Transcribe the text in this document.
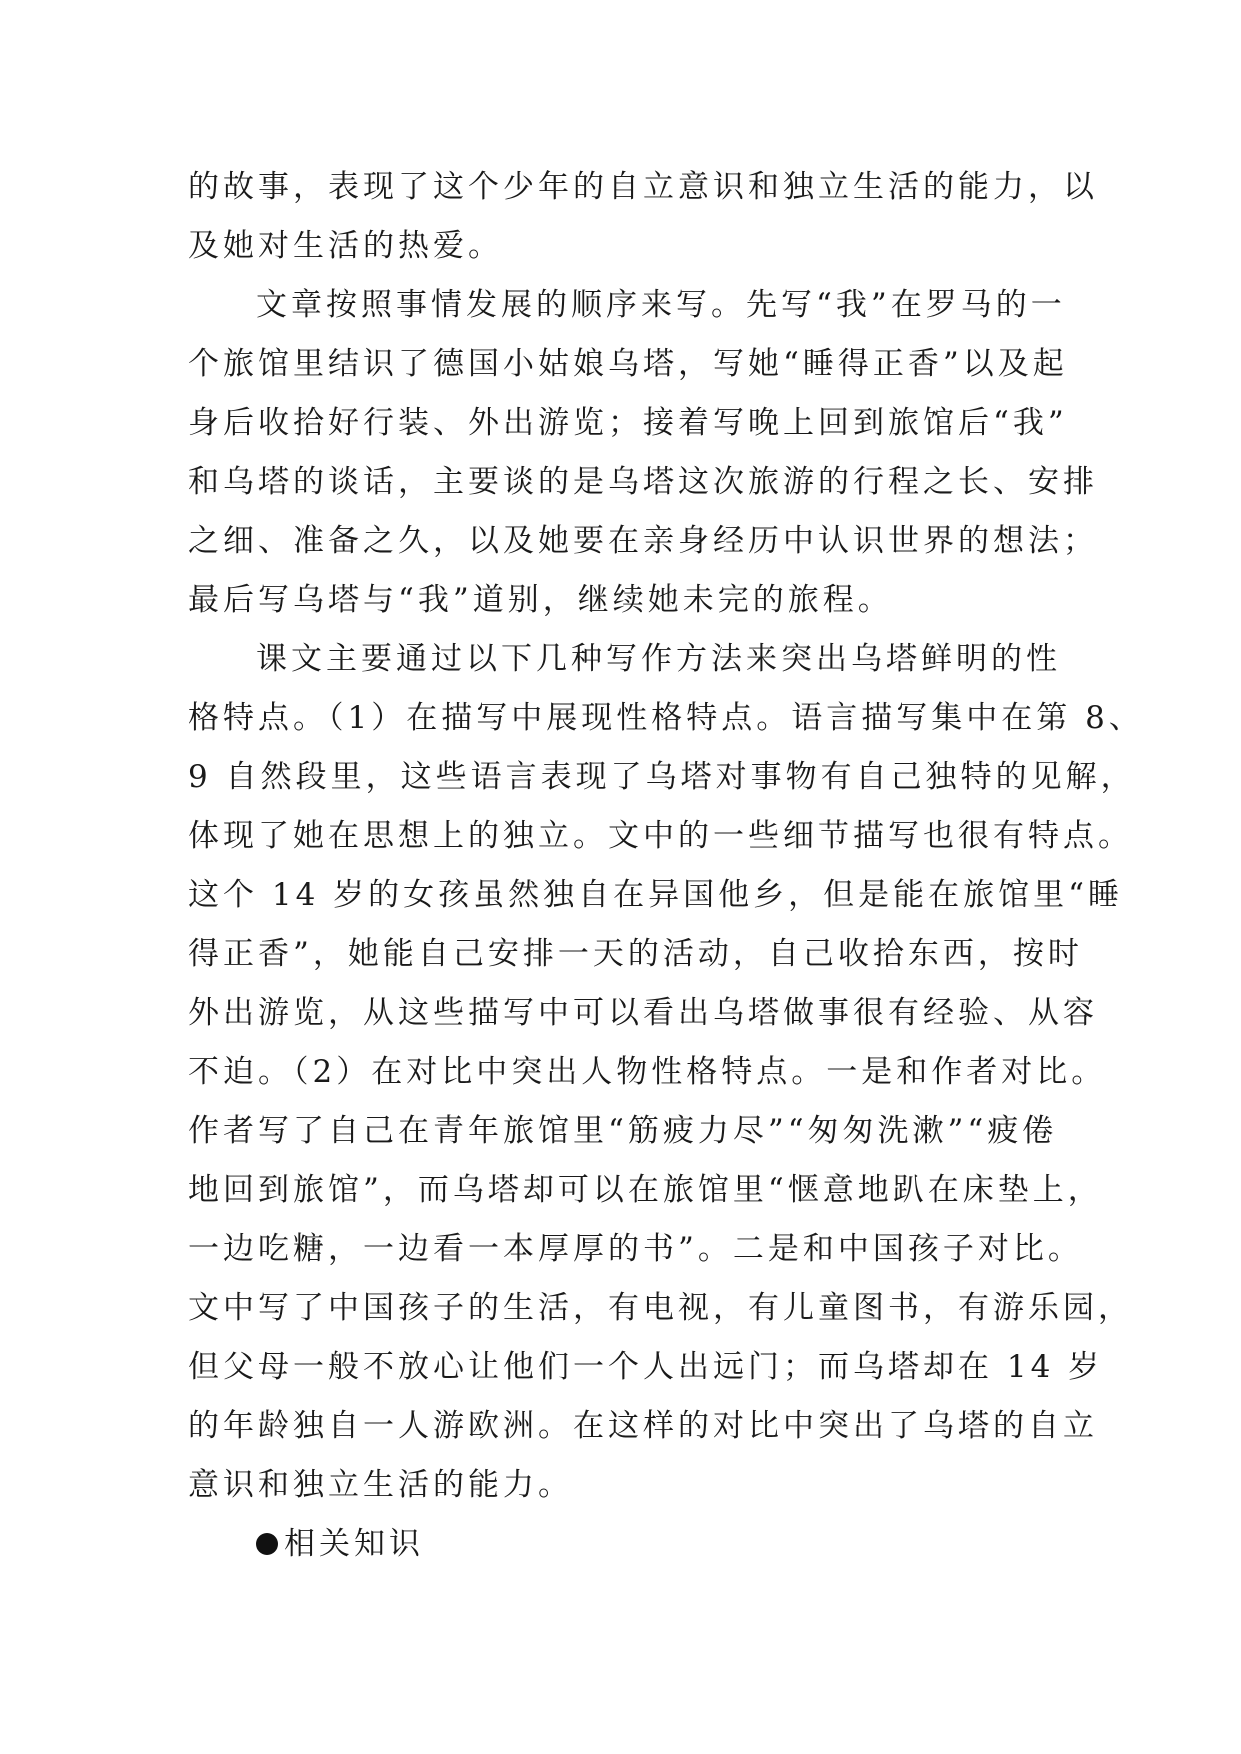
的故事，表现了这个少年的自立意识和独立生活的能力，以
及她对生活的热爱。
文章按照事情发展的顺序来写。先写“我”在罗马的一
个旅馆里结识了德国小姑娘乌塔，写她“睡得正香”以及起
身后收拾好行装、外出游览；接着写晚上回到旅馆后“我”
和乌塔的谈话，主要谈的是乌塔这次旅游的行程之长、安排
之细、准备之久，以及她要在亲身经历中认识世界的想法；
最后写乌塔与“我”道别，继续她未完的旅程。
课文主要通过以下几种写作方法来突出乌塔鲜明的性
格特点。（1）在描写中展现性格特点。语言描写集中在第 8、
9 自然段里，这些语言表现了乌塔对事物有自己独特的见解，
体现了她在思想上的独立。文中的一些细节描写也很有特点。
这个 14 岁的女孩虽然独自在异国他乡，但是能在旅馆里“睡
得正香”，她能自己安排一天的活动，自己收拾东西，按时
外出游览，从这些描写中可以看出乌塔做事很有经验、从容
不迫。（2）在对比中突出人物性格特点。一是和作者对比。
作者写了自己在青年旅馆里“筋疲力尽”“匆匆洗漱”“疲倦
地回到旅馆”，而乌塔却可以在旅馆里“惬意地趴在床垫上，
一边吃糖，一边看一本厚厚的书”。二是和中国孩子对比。
文中写了中国孩子的生活，有电视，有儿童图书，有游乐园，
但父母一般不放心让他们一个人出远门；而乌塔却在 14 岁
的年龄独自一人游欧洲。在这样的对比中突出了乌塔的自立
意识和独立生活的能力。
相关知识
